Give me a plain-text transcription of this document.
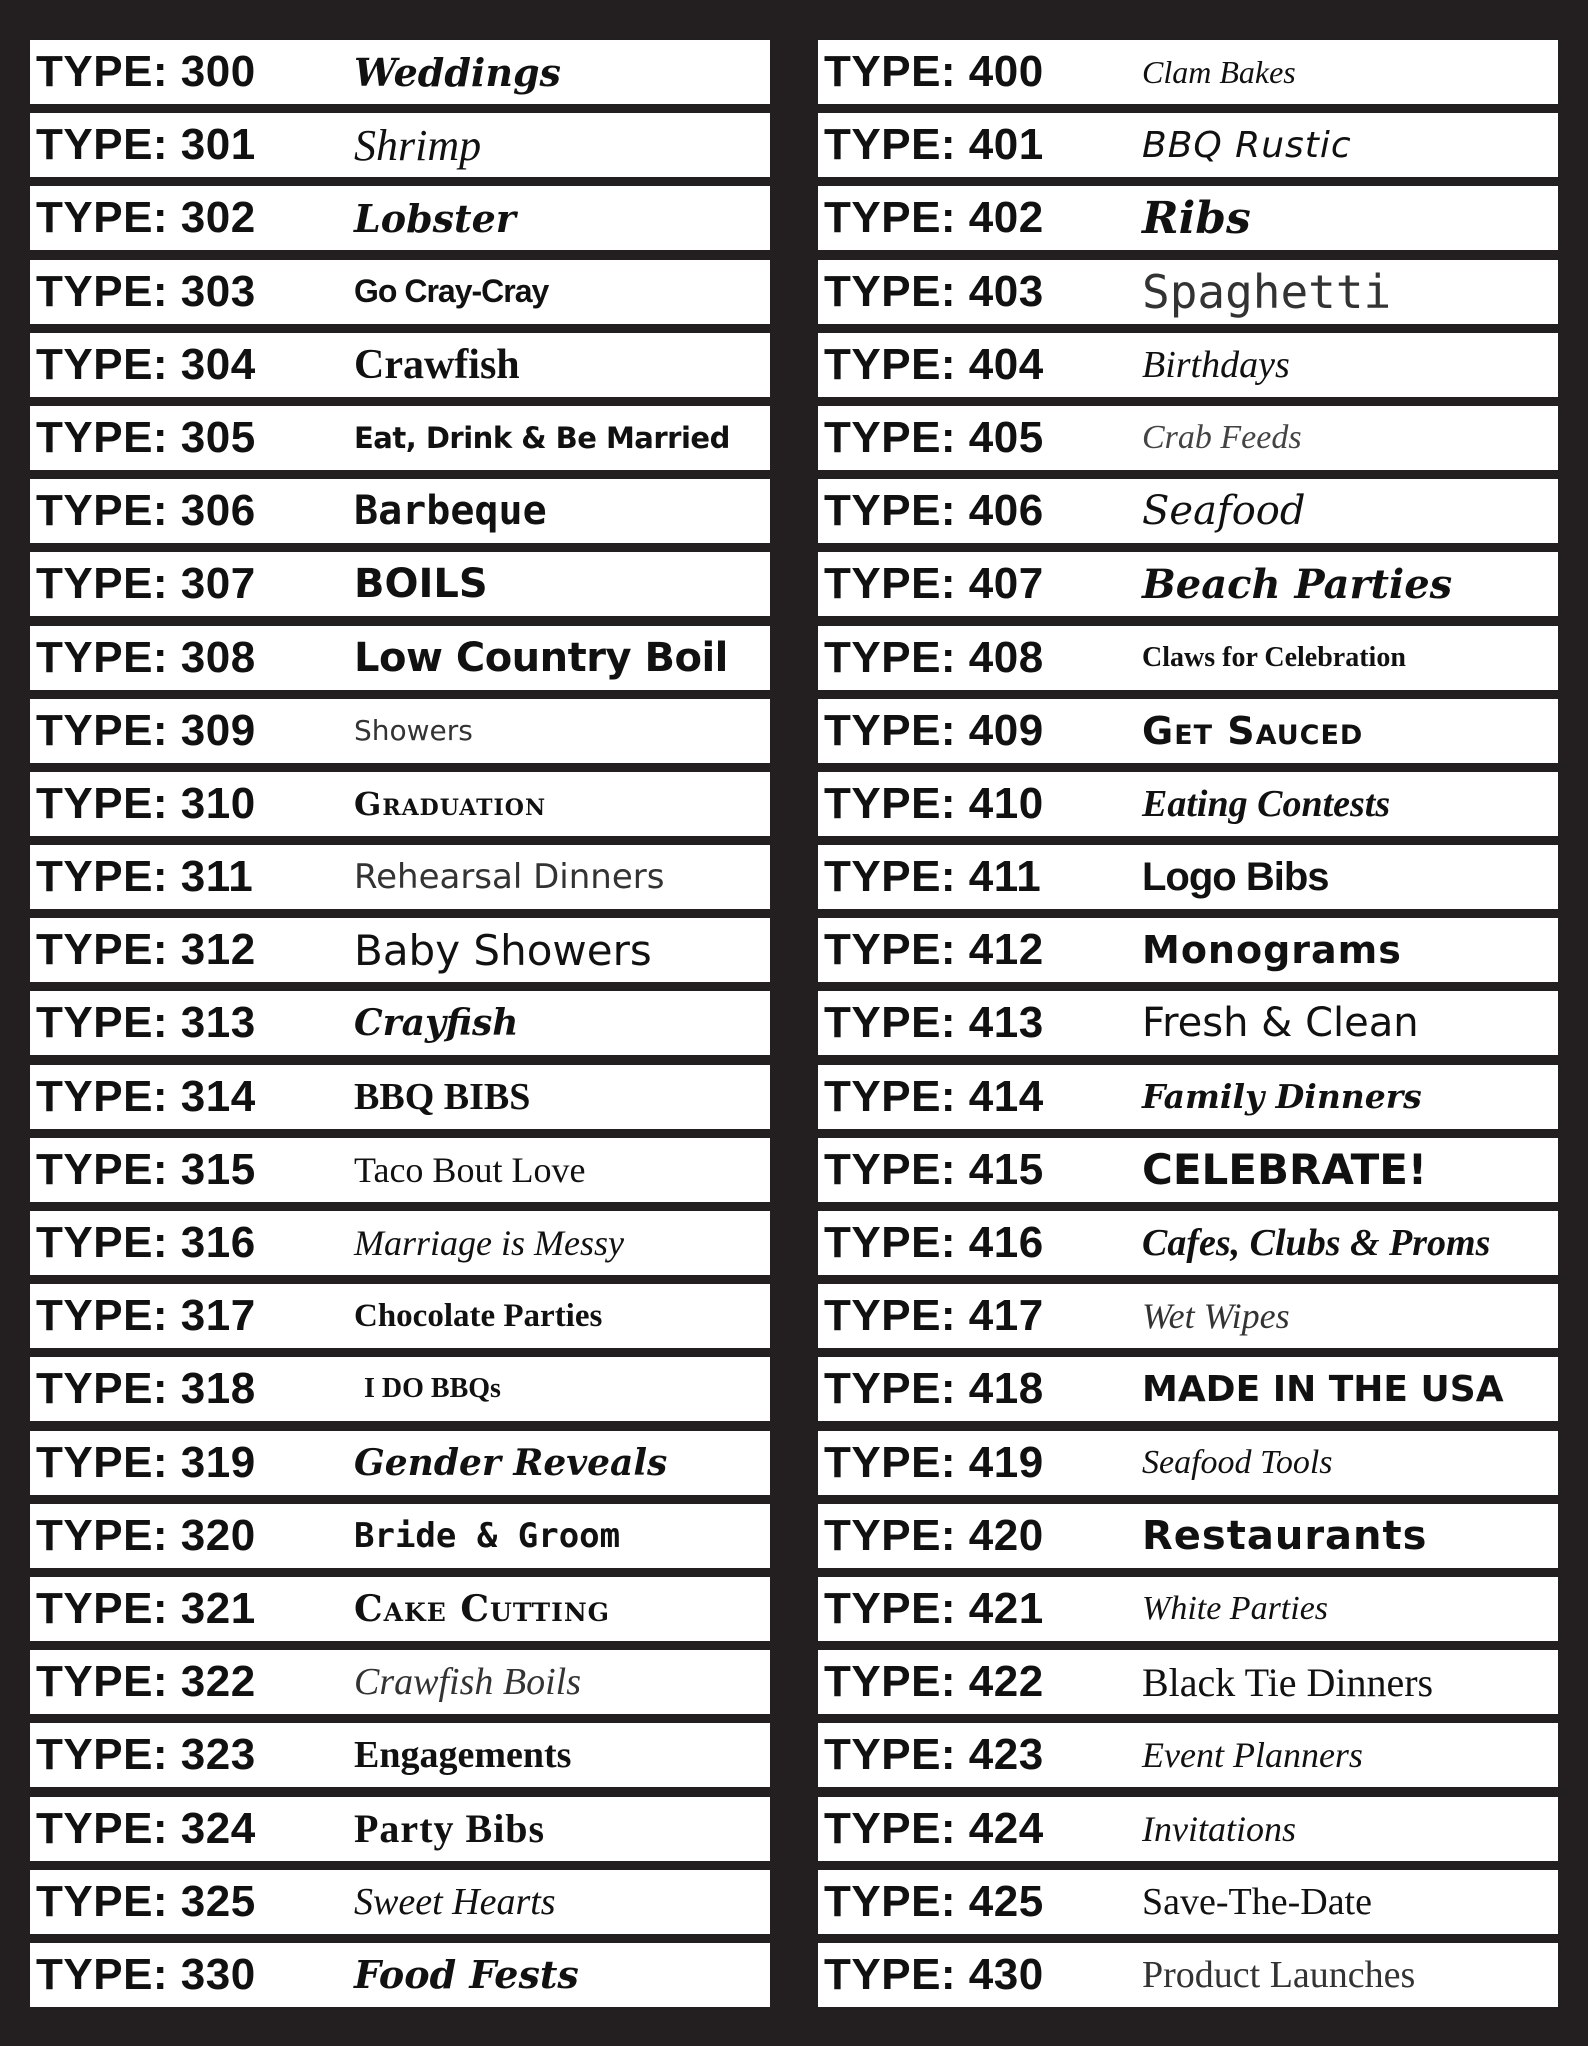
TYPE: 300	Weddings
TYPE: 301	Shrimp
TYPE: 302	Lobster
TYPE: 303	Go Cray-Cray
TYPE: 304	Crawfish
TYPE: 305	Eat, Drink & Be Married
TYPE: 306	Barbeque
TYPE: 307	BOILS
TYPE: 308	Low Country Boil
TYPE: 309	Showers
TYPE: 310	Graduation
TYPE: 311	Rehearsal Dinners
TYPE: 312	Baby Showers
TYPE: 313	Crayfish
TYPE: 314	BBQ BIBS
TYPE: 315	Taco Bout Love
TYPE: 316	Marriage is Messy
TYPE: 317	Chocolate Parties
TYPE: 318	I DO BBQs
TYPE: 319	Gender Reveals
TYPE: 320	Bride & Groom
TYPE: 321	Cake Cutting
TYPE: 322	Crawfish Boils
TYPE: 323	Engagements
TYPE: 324	Party Bibs
TYPE: 325	Sweet Hearts
TYPE: 330	Food Fests
TYPE: 400	Clam Bakes
TYPE: 401	BBQ Rustic
TYPE: 402	Ribs
TYPE: 403	Spaghetti
TYPE: 404	Birthdays
TYPE: 405	Crab Feeds
TYPE: 406	Seafood
TYPE: 407	Beach Parties
TYPE: 408	Claws for Celebration
TYPE: 409	Get Sauced
TYPE: 410	Eating Contests
TYPE: 411	Logo Bibs
TYPE: 412	Monograms
TYPE: 413	Fresh & Clean
TYPE: 414	Family Dinners
TYPE: 415	CELEBRATE!
TYPE: 416	Cafes, Clubs & Proms
TYPE: 417	Wet Wipes
TYPE: 418	MADE IN THE USA
TYPE: 419	Seafood Tools
TYPE: 420	Restaurants
TYPE: 421	White Parties
TYPE: 422	Black Tie Dinners
TYPE: 423	Event Planners
TYPE: 424	Invitations
TYPE: 425	Save-The-Date
TYPE: 430	Product Launches
